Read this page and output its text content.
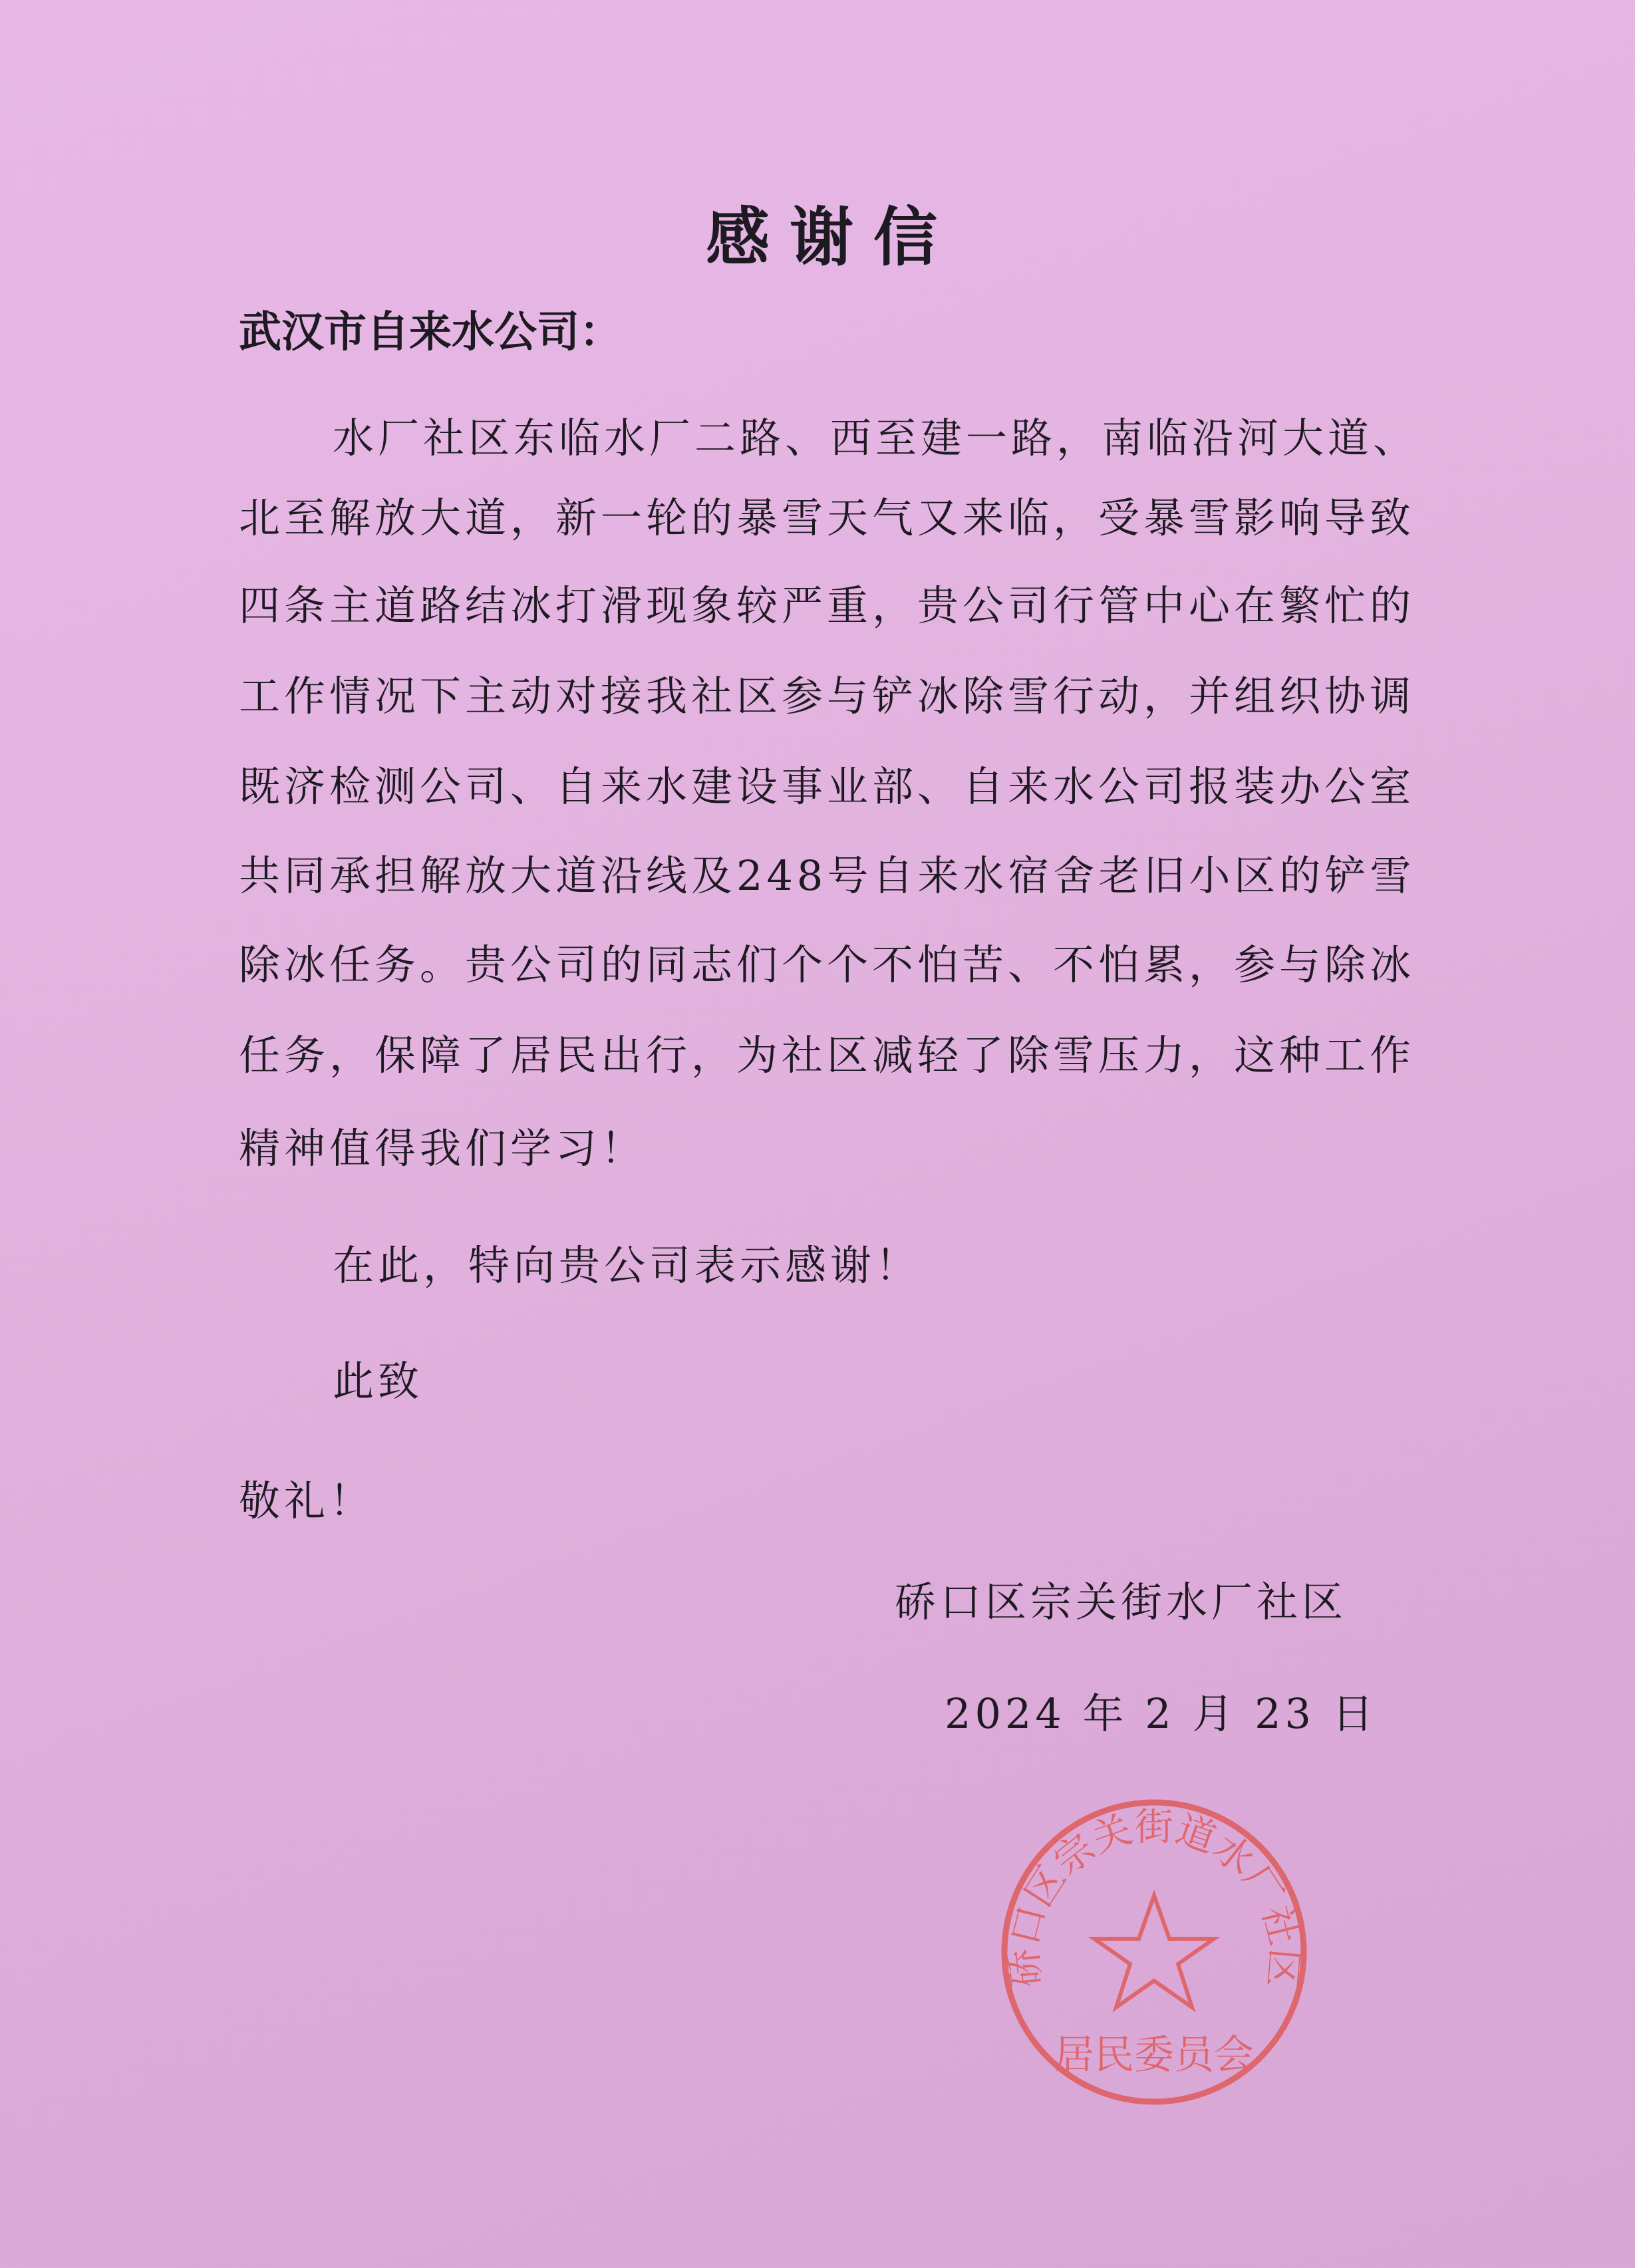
感谢信
武汉市自来水公司：
水厂社区东临水厂二路、西至建一路，南临沿河大道、
北至解放大道，新一轮的暴雪天气又来临，受暴雪影响导致
四条主道路结冰打滑现象较严重，贵公司行管中心在繁忙的
工作情况下主动对接我社区参与铲冰除雪行动，并组织协调
既济检测公司、自来水建设事业部、自来水公司报装办公室
共同承担解放大道沿线及248号自来水宿舍老旧小区的铲雪
除冰任务。贵公司的同志们个个不怕苦、不怕累，参与除冰
任务，保障了居民出行，为社区减轻了除雪压力，这种工作
精神值得我们学习！
在此，特向贵公司表示感谢！
此致
敬礼！
硚口区宗关街水厂社区
2024 年 2 月 23 日
硚口区宗关街道水厂社区
居民委员会
